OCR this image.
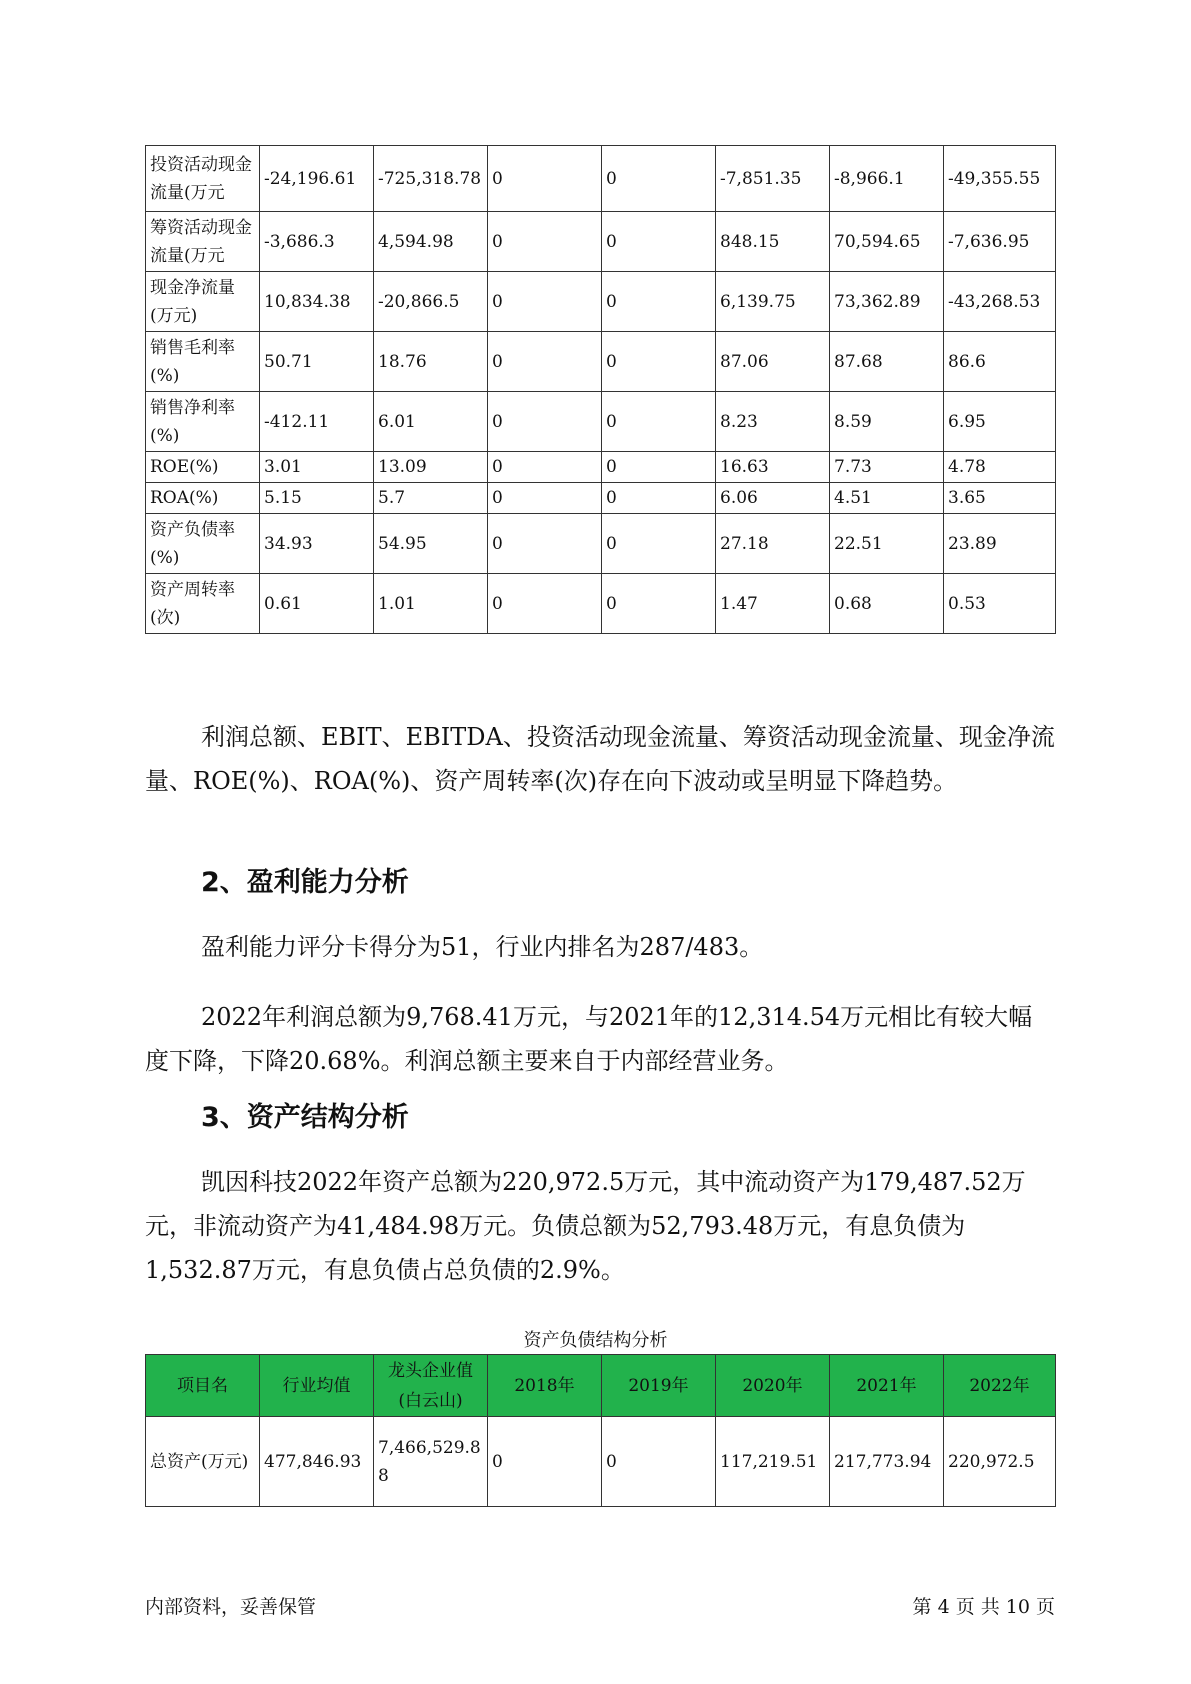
投资活动现金流量(万元	-24,196.61	-725,318.78	0	0	-7,851.35	-8,966.1	-49,355.55
筹资活动现金流量(万元	-3,686.3	4,594.98	0	0	848.15	70,594.65	-7,636.95
现金净流量(万元)	10,834.38	-20,866.5	0	0	6,139.75	73,362.89	-43,268.53
销售毛利率(%)	50.71	18.76	0	0	87.06	87.68	86.6
销售净利率(%)	-412.11	6.01	0	0	8.23	8.59	6.95
ROE(%)	3.01	13.09	0	0	16.63	7.73	4.78
ROA(%)	5.15	5.7	0	0	6.06	4.51	3.65
资产负债率(%)	34.93	54.95	0	0	27.18	22.51	23.89
资产周转率(次)	0.61	1.01	0	0	1.47	0.68	0.53

利润总额、EBIT、EBITDA、投资活动现金流量、筹资活动现金流量、现金净流量、ROE(%)、ROA(%)、资产周转率(次)存在向下波动或呈明显下降趋势。

2、盈利能力分析

盈利能力评分卡得分为51，行业内排名为287/483。

2022年利润总额为9,768.41万元，与2021年的12,314.54万元相比有较大幅度下降，下降20.68%。利润总额主要来自于内部经营业务。

3、资产结构分析

凯因科技2022年资产总额为220,972.5万元，其中流动资产为179,487.52万元，非流动资产为41,484.98万元。负债总额为52,793.48万元，有息负债为1,532.87万元，有息负债占总负债的2.9%。

资产负债结构分析
项目名	行业均值	龙头企业值(白云山)	2018年	2019年	2020年	2021年	2022年
总资产(万元)	477,846.93	7,466,529.88	0	0	117,219.51	217,773.94	220,972.5
内部资料，妥善保管	第 4 页 共 10 页
